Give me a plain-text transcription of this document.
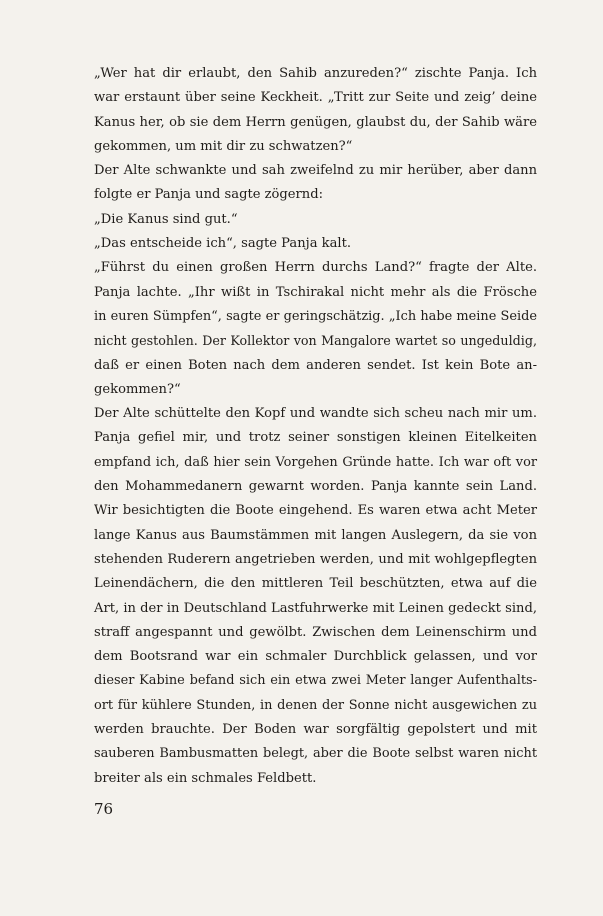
„Wer hat dir erlaubt, den Sahib anzureden?“ zischte Panja. Ich
war erstaunt über seine Keckheit. „Tritt zur Seite und zeig’ deine
Kanus her, ob sie dem Herrn genügen, glaubst du, der Sahib wäre
gekommen, um mit dir zu schwatzen?“
Der Alte schwankte und sah zweifelnd zu mir herüber, aber dann
folgte er Panja und sagte zögernd:
„Die Kanus sind gut.“
„Das entscheide ich“, sagte Panja kalt.
„Führst du einen großen Herrn durchs Land?“ fragte der Alte.
Panja lachte. „Ihr wißt in Tschirakal nicht mehr als die Frösche
in euren Sümpfen“, sagte er geringschätzig. „Ich habe meine Seide
nicht gestohlen. Der Kollektor von Mangalore wartet so ungeduldig,
daß er einen Boten nach dem anderen sendet. Ist kein Bote an-
gekommen?“
Der Alte schüttelte den Kopf und wandte sich scheu nach mir um.
Panja gefiel mir, und trotz seiner sonstigen kleinen Eitelkeiten
empfand ich, daß hier sein Vorgehen Gründe hatte. Ich war oft vor
den Mohammedanern gewarnt worden. Panja kannte sein Land.
Wir besichtigten die Boote eingehend. Es waren etwa acht Meter
lange Kanus aus Baumstämmen mit langen Auslegern, da sie von
stehenden Ruderern angetrieben werden, und mit wohlgepflegten
Leinendächern, die den mittleren Teil beschützten, etwa auf die
Art, in der in Deutschland Lastfuhrwerke mit Leinen gedeckt sind,
straff angespannt und gewölbt. Zwischen dem Leinenschirm und
dem Bootsrand war ein schmaler Durchblick gelassen, und vor
dieser Kabine befand sich ein etwa zwei Meter langer Aufenthalts-
ort für kühlere Stunden, in denen der Sonne nicht ausgewichen zu
werden brauchte. Der Boden war sorgfältig gepolstert und mit
sauberen Bambusmatten belegt, aber die Boote selbst waren nicht
breiter als ein schmales Feldbett.
76
